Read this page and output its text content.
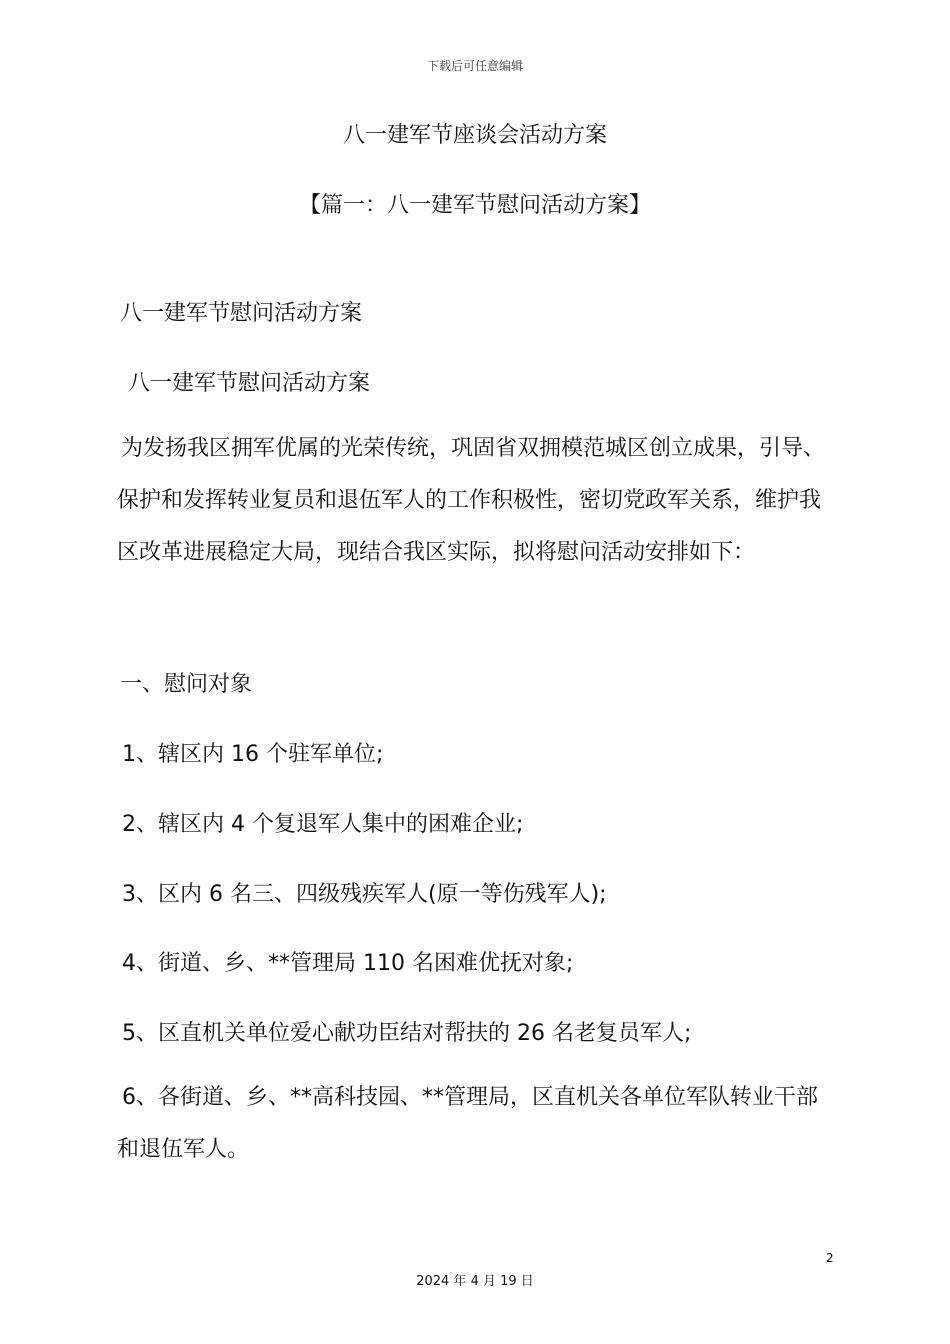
下载后可任意编辑
八一建军节座谈会活动方案
【篇一：八一建军节慰问活动方案】
八一建军节慰问活动方案
八一建军节慰问活动方案
为发扬我区拥军优属的光荣传统，巩固省双拥模范城区创立成果，引导、保护和发挥转业复员和退伍军人的工作积极性，密切党政军关系，维护我区改革进展稳定大局，现结合我区实际，拟将慰问活动安排如下：
一、慰问对象
1、辖区内 16 个驻军单位;
2、辖区内 4 个复退军人集中的困难企业;
3、区内 6 名三、四级残疾军人(原一等伤残军人);
4、街道、乡、**管理局 110 名困难优抚对象;
5、区直机关单位爱心献功臣结对帮扶的 26 名老复员军人;
6、各街道、乡、**高科技园、**管理局，区直机关各单位军队转业干部和退伍军人。
2
2024 年 4 月 19 日
